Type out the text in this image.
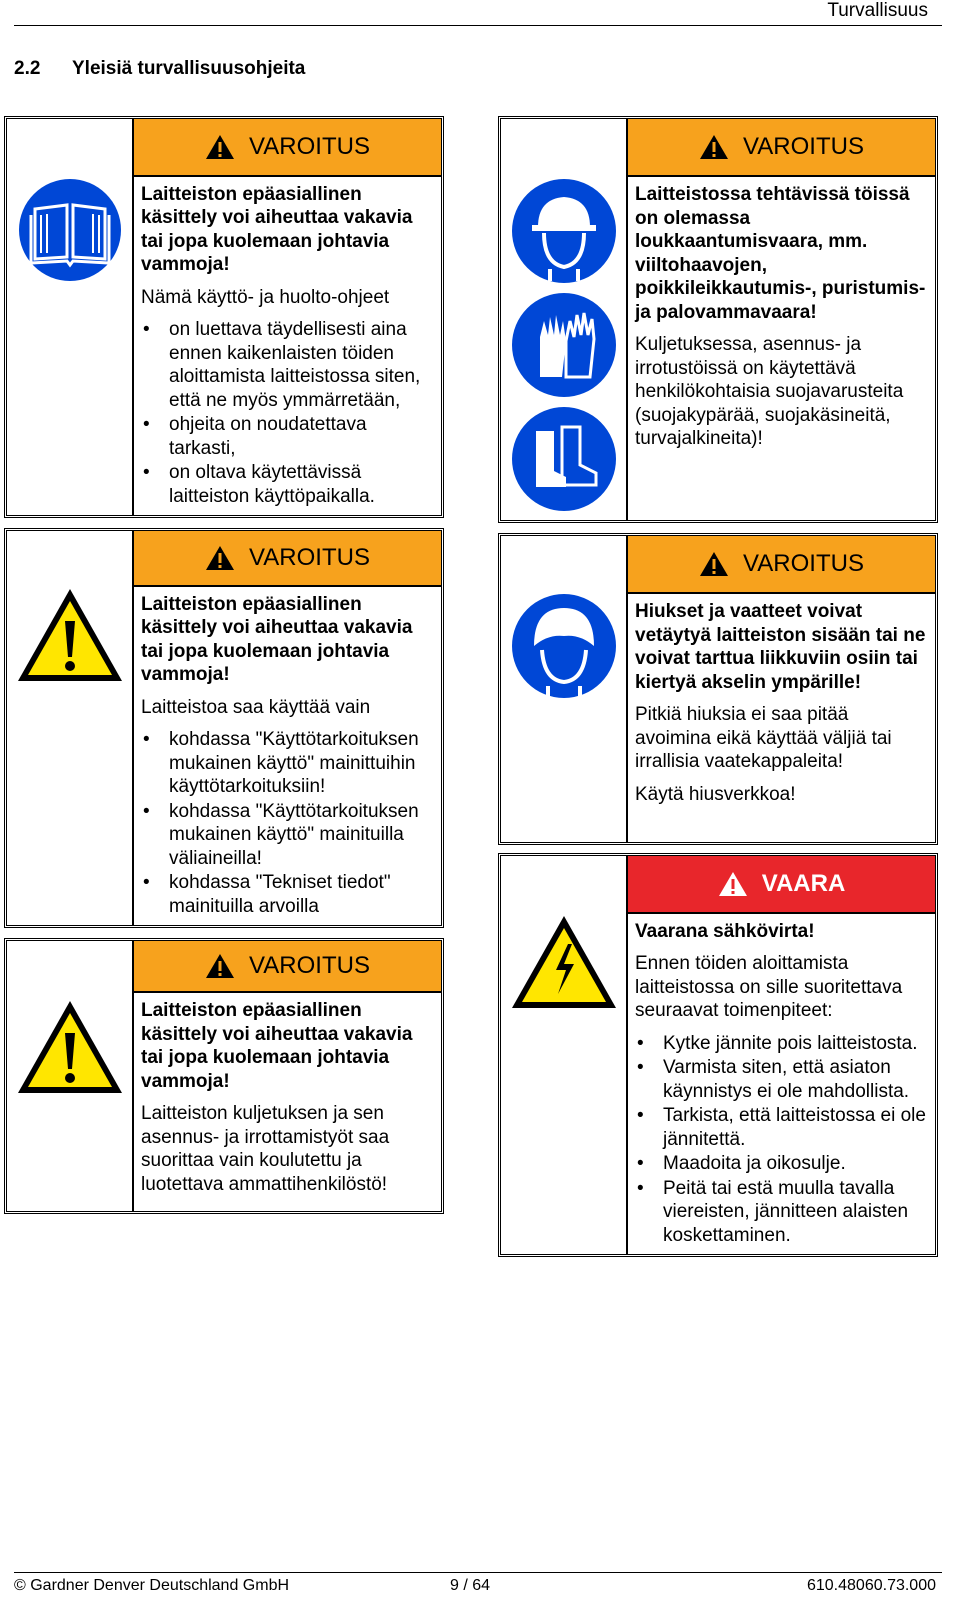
Turvallisuus
2.2 Yleisiä turvallisuusohjeita
VAROITUS

Laitteiston epäasiallinen käsittely voi aiheuttaa vakavia tai jopa kuolemaan johtavia vammoja!

Nämä käyttö- ja huolto-ohjeet

• on luettava täydellisesti aina ennen kaikenlaisten töiden aloittamista laitteistossa siten, että ne myös ymmärretään,
• ohjeita on noudatettava tarkasti,
• on oltava käytettävissä laitteiston käyttöpaikalla.
VAROITUS

Laitteistossa tehtävissä töissä on olemassa loukkaantumisvaara, mm. viiltohaavojen, poikkileikkautumis-, puristumis- ja palovammavaara!

Kuljetuksessa, asennus- ja irrotustöissä on käytettävä henkilökohtaisia suojavarusteita (suojakypärää, suojakäsineitä, turvajalkineita)!

VAROITUS

Laitteiston epäasiallinen käsittely voi aiheuttaa vakavia tai jopa kuolemaan johtavia vammoja!

Laitteistoa saa käyttää vain

• kohdassa "Käyttötarkoituksen mukainen käyttö" mainittuihin käyttötarkoituksiin!
• kohdassa "Käyttötarkoituksen mukainen käyttö" mainituilla väliaineilla!
• kohdassa "Tekniset tiedot" mainituilla arvoilla
VAROITUS

Hiukset ja vaatteet voivat vetäytyä laitteiston sisään tai ne voivat tarttua liikkuviin osiin tai kiertyä akselin ympärille!

Pitkiä hiuksia ei saa pitää avoimina eikä käyttää väljiä tai irrallisia vaatekappaleita!

Käytä hiusverkkoa!

VAROITUS

Laitteiston epäasiallinen käsittely voi aiheuttaa vakavia tai jopa kuolemaan johtavia vammoja!

Laitteiston kuljetuksen ja sen asennus- ja irrottamistyöt saa suorittaa vain koulutettu ja luotettava ammattihenkilöstö!

VAARA

Vaarana sähkövirta!

Ennen töiden aloittamista laitteistossa on sille suoritettava seuraavat toimenpiteet:

• Kytke jännite pois laitteistosta.
• Varmista siten, että asiaton käynnistys ei ole mahdollista.
• Tarkista, että laitteistossa ei ole jännitettä.
• Maadoita ja oikosulje.
• Peitä tai estä muulla tavalla viereisten, jännitteen alaisten koskettaminen.
© Gardner Denver Deutschland GmbH	9 / 64	610.48060.73.000
